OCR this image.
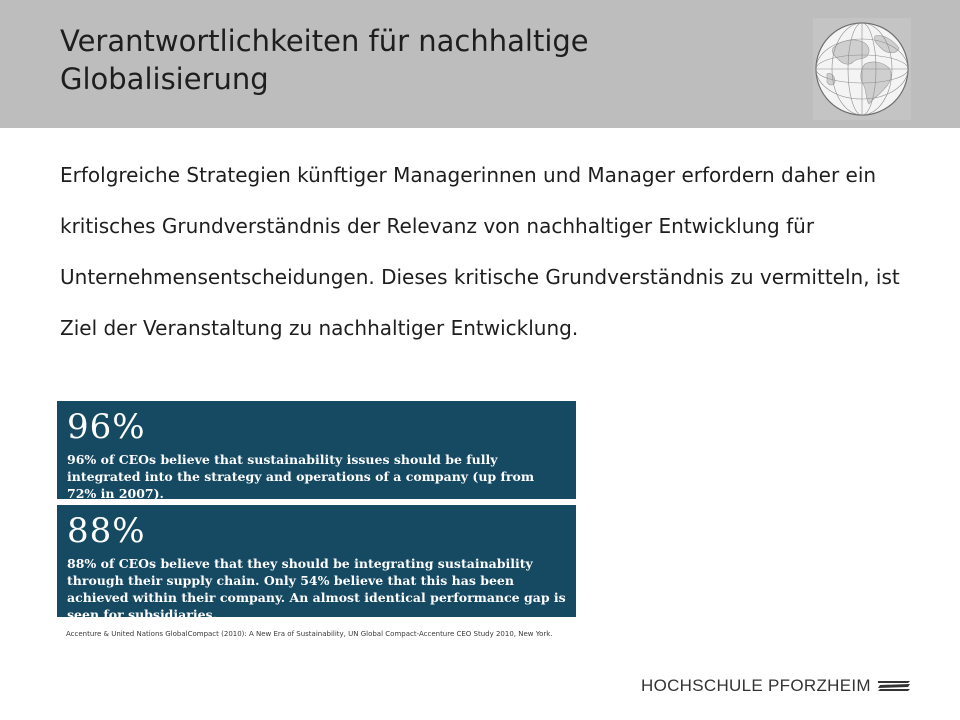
Verantwortlichkeiten für nachhaltige Globalisierung

Erfolgreiche Strategien künftiger Managerinnen und Manager erfordern daher ein kritisches Grundverständnis der Relevanz von nachhaltiger Entwicklung für Unternehmensentscheidungen. Dieses kritische Grundverständnis zu vermitteln, ist Ziel der Veranstaltung zu nachhaltiger Entwicklung.

96%
96% of CEOs believe that sustainability issues should be fully integrated into the strategy and operations of a company (up from 72% in 2007).
88%
88% of CEOs believe that they should be integrating sustainability through their supply chain. Only 54% believe that this has been achieved within their company. An almost identical performance gap is seen for subsidiaries.
Accenture & United Nations GlobalCompact (2010): A New Era of Sustainability, UN Global Compact-Accenture CEO Study 2010, New York.
HOCHSCHULE PFORZHEIM
